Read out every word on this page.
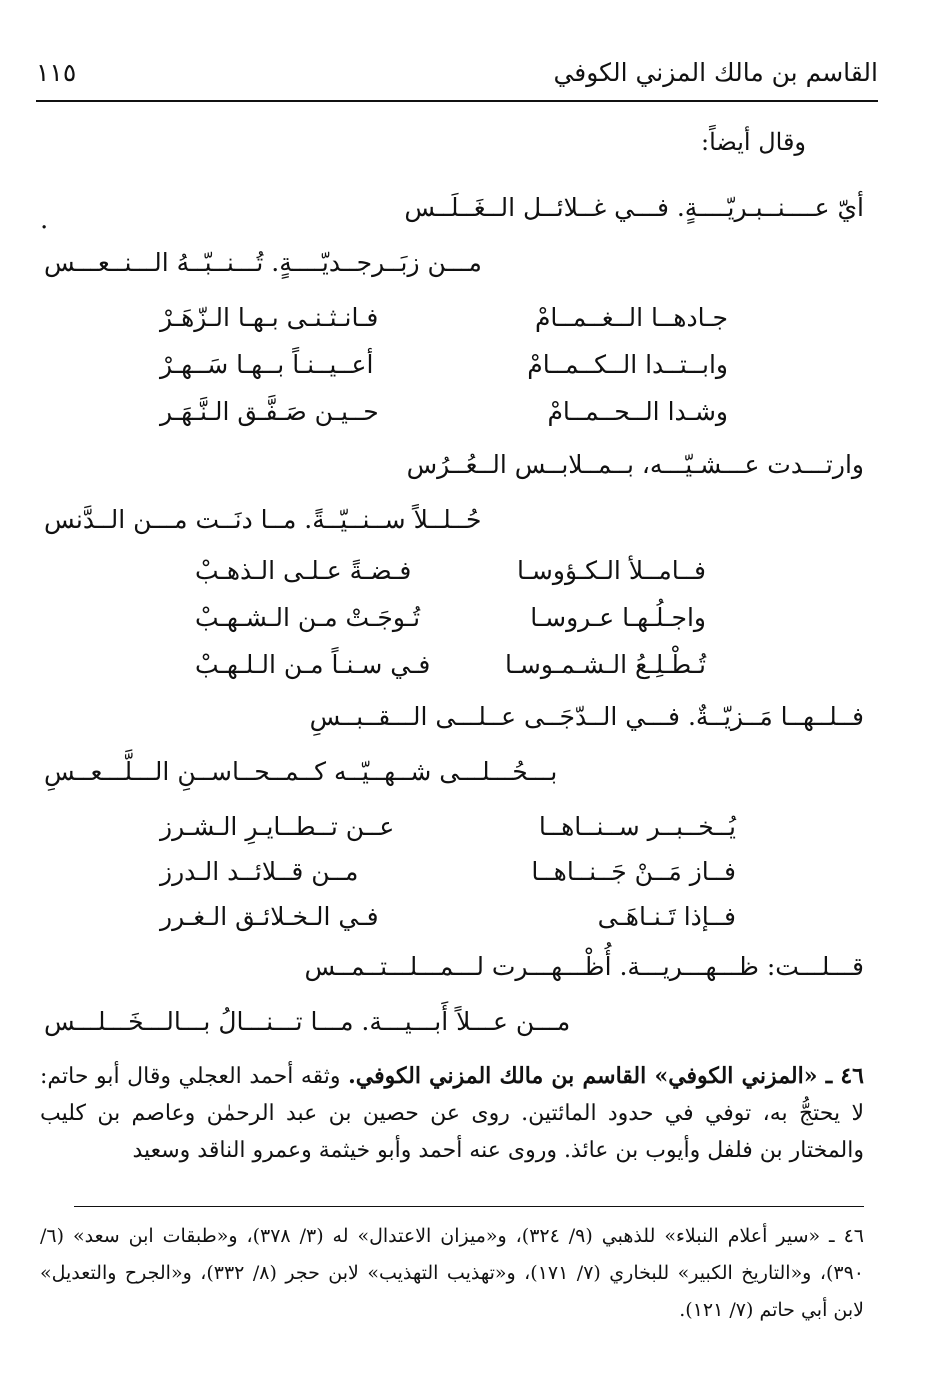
القاسم بن مالك المزني الكوفي
١١٥
وقال أيضاً:
أيّ عــــنــبـريّــــةٍ. فـــي غــلائــل الــغَــلَــس
.
مـــن زبَــرجــديّــــةٍ. تُـــنــبّــهُ الـــنــعـــس
جـادهــا الــغــمــامْ
فـانـثـنـى بـهـا الـزّهَـرْ
وابــتــدا الــكــمــامْ
أعــيــنـاً بــهـا سَــهـرْ
وشـدا الــحــمــامْ
حــيـن صَـفَّـق الـنَّـهَـر
وارتـــدت عـــشـيّـــه، بــمــلابــس الــعُــرُس
حُــلــلاً ســنــيّــةً. مــا دنَــت مـــن الــدَّنس
فــامــلأ الـكـؤوسـا
فـضـةً عـلـى الـذهـبْ
واجـلُـهـا عـروسـا
تُـوجَـتْ مـن الـشـهـبْ
تُـطْـلِـعُ الـشـمـوسـا
فـي سـنـاً مـن الـلـهـبْ
فــلــهــا مَــزيّــةٌ. فـــي الــدّجَــى عــلـــى الـــقــبــسِ
بـــحُـــلـــى شــهــيّــه كــمــحــاســنِ الـــلَّـــعــسِ
يُــخــبــر ســنــاهــا
عــن تــطــايـرِ الـشـرز
فــاز مَــنْ جَــنــاهــا
مــن قــلائــد الـدرز
فــإذا تَـنـاهَـى
فـي الـخـلائـق الـغـرر
قـــلـــت: ظـــهـــريـــة. أُظْـــهـــرت لـــمـــلـــتــمــس
مـــن عـــلاً أَبـــيـــة. مـــا تـــنـــالُ بـــالـــخَـــلـــس
٤٦ ـ «المزني الكوفي» القاسم بن مالك المزني الكوفي. وثقه أحمد العجلي وقال أبو حاتم: لا يحتجُّ به، توفي في حدود المائتين. روى عن حصين بن عبد الرحمٰن وعاصم بن كليب والمختار بن فلفل وأيوب بن عائذ. وروى عنه أحمد وأبو خيثمة وعمرو الناقد وسعيد
٤٦ ـ «سير أعلام النبلاء» للذهبي (٩/ ٣٢٤)، و«ميزان الاعتدال» له (٣/ ٣٧٨)، و«طبقات ابن سعد» (٦/ ٣٩٠)، و«التاريخ الكبير» للبخاري (٧/ ١٧١)، و«تهذيب التهذيب» لابن حجر (٨/ ٣٣٢)، و«الجرح والتعديل» لابن أبي حاتم (٧/ ١٢١).
